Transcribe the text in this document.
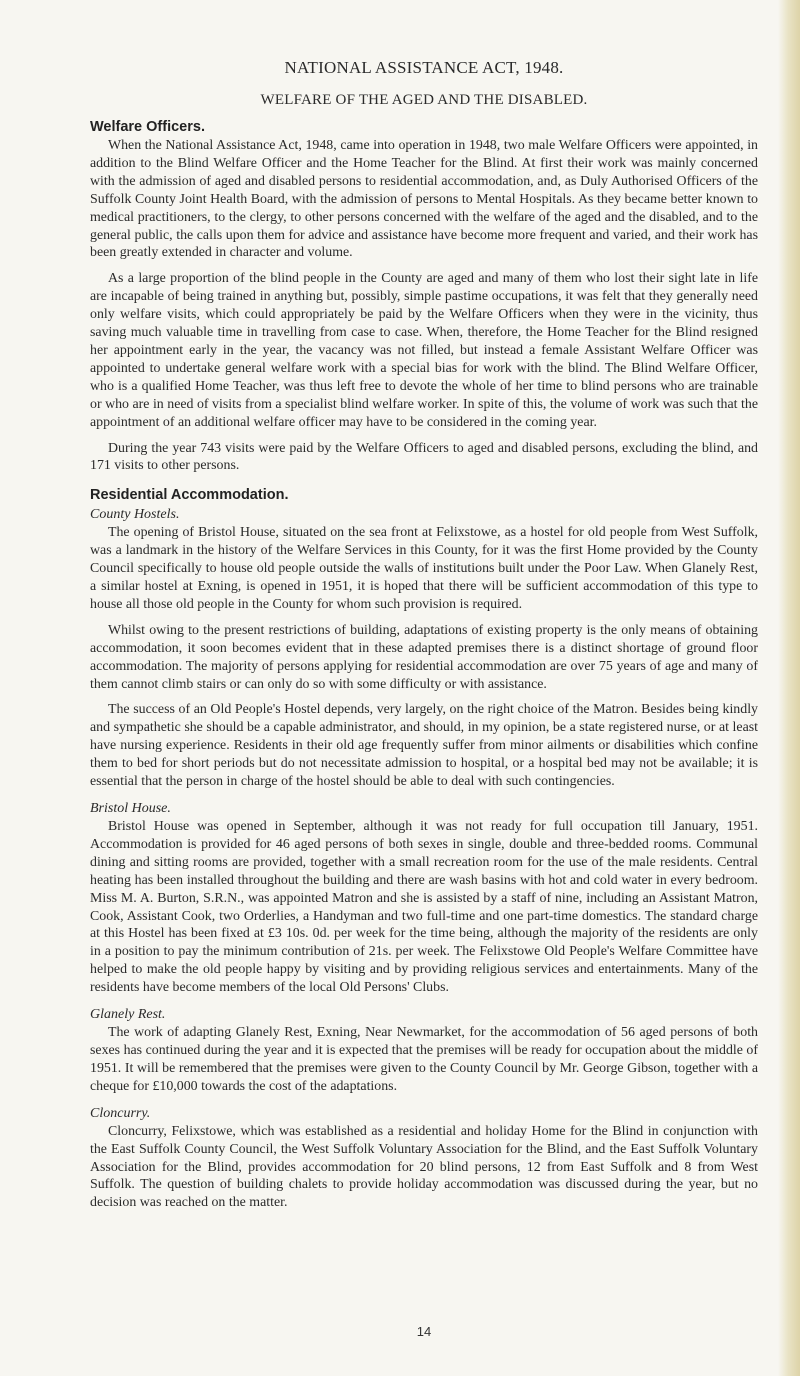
NATIONAL ASSISTANCE ACT, 1948.
WELFARE OF THE AGED AND THE DISABLED.
Welfare Officers.

When the National Assistance Act, 1948, came into operation in 1948, two male Welfare Officers were appointed, in addition to the Blind Welfare Officer and the Home Teacher for the Blind. At first their work was mainly concerned with the admission of aged and disabled persons to residential accommodation, and, as Duly Authorised Officers of the Suffolk County Joint Health Board, with the admission of persons to Mental Hospitals. As they became better known to medical practitioners, to the clergy, to other persons concerned with the welfare of the aged and the disabled, and to the general public, the calls upon them for advice and assistance have become more frequent and varied, and their work has been greatly extended in character and volume.

As a large proportion of the blind people in the County are aged and many of them who lost their sight late in life are incapable of being trained in anything but, possibly, simple pastime occupations, it was felt that they generally need only welfare visits, which could appropriately be paid by the Welfare Officers when they were in the vicinity, thus saving much valuable time in travelling from case to case. When, therefore, the Home Teacher for the Blind resigned her appointment early in the year, the vacancy was not filled, but instead a female Assistant Welfare Officer was appointed to undertake general welfare work with a special bias for work with the blind. The Blind Welfare Officer, who is a qualified Home Teacher, was thus left free to devote the whole of her time to blind persons who are trainable or who are in need of visits from a specialist blind welfare worker. In spite of this, the volume of work was such that the appointment of an additional welfare officer may have to be considered in the coming year.

During the year 743 visits were paid by the Welfare Officers to aged and disabled persons, excluding the blind, and 171 visits to other persons.

Residential Accommodation.
County Hostels.

The opening of Bristol House, situated on the sea front at Felixstowe, as a hostel for old people from West Suffolk, was a landmark in the history of the Welfare Services in this County, for it was the first Home provided by the County Council specifically to house old people outside the walls of institutions built under the Poor Law. When Glanely Rest, a similar hostel at Exning, is opened in 1951, it is hoped that there will be sufficient accommodation of this type to house all those old people in the County for whom such provision is required.

Whilst owing to the present restrictions of building, adaptations of existing property is the only means of obtaining accommodation, it soon becomes evident that in these adapted premises there is a distinct shortage of ground floor accommodation. The majority of persons applying for residential accommodation are over 75 years of age and many of them cannot climb stairs or can only do so with some difficulty or with assistance.

The success of an Old People's Hostel depends, very largely, on the right choice of the Matron. Besides being kindly and sympathetic she should be a capable administrator, and should, in my opinion, be a state registered nurse, or at least have nursing experience. Residents in their old age frequently suffer from minor ailments or disabilities which confine them to bed for short periods but do not necessitate admission to hospital, or a hospital bed may not be available; it is essential that the person in charge of the hostel should be able to deal with such contingencies.

Bristol House.

Bristol House was opened in September, although it was not ready for full occupation till January, 1951. Accommodation is provided for 46 aged persons of both sexes in single, double and three-bedded rooms. Communal dining and sitting rooms are provided, together with a small recreation room for the use of the male residents. Central heating has been installed throughout the building and there are wash basins with hot and cold water in every bedroom. Miss M. A. Burton, S.R.N., was appointed Matron and she is assisted by a staff of nine, including an Assistant Matron, Cook, Assistant Cook, two Orderlies, a Handyman and two full-time and one part-time domestics. The standard charge at this Hostel has been fixed at £3 10s. 0d. per week for the time being, although the majority of the residents are only in a position to pay the minimum contribution of 21s. per week. The Felixstowe Old People's Welfare Committee have helped to make the old people happy by visiting and by providing religious services and entertainments. Many of the residents have become members of the local Old Persons' Clubs.

Glanely Rest.

The work of adapting Glanely Rest, Exning, Near Newmarket, for the accommodation of 56 aged persons of both sexes has continued during the year and it is expected that the premises will be ready for occupation about the middle of 1951. It will be remembered that the premises were given to the County Council by Mr. George Gibson, together with a cheque for £10,000 towards the cost of the adaptations.

Cloncurry.

Cloncurry, Felixstowe, which was established as a residential and holiday Home for the Blind in conjunction with the East Suffolk County Council, the West Suffolk Voluntary Association for the Blind, and the East Suffolk Voluntary Association for the Blind, provides accommodation for 20 blind persons, 12 from East Suffolk and 8 from West Suffolk. The question of building chalets to provide holiday accommodation was discussed during the year, but no decision was reached on the matter.

14
